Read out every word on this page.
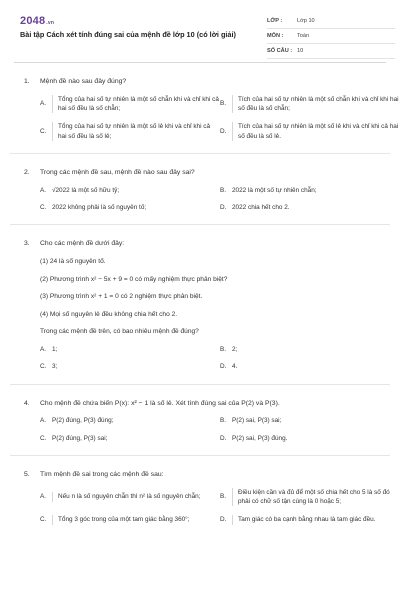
2048.vn
Bài tập Cách xét tính đúng sai của mệnh đề lớp 10 (có lời giải)
LỚP :	Lớp 10
MÔN :	Toán
SỐ CÂU : 10
1.	Mệnh đề nào sau đây đúng?
A.
Tổng của hai số tự nhiên là một số chẵn khi và chỉ khi cả hai số đều là số chẵn;
B.
Tích của hai số tự nhiên là một số chẵn khi và chỉ khi hai số đều là số chẵn;
C.
Tổng của hai số tự nhiên là một số lẻ khi và chỉ khi cả hai số đều là số lẻ;
D.
Tích của hai số tự nhiên là một số lẻ khi và chỉ khi cả hai số đều là số lẻ.
2.	Trong các mệnh đề sau, mệnh đề nào sau đây sai?
A. √2022 là một số hữu tỷ;	B. 2022 là một số tự nhiên chẵn;
C. 2022 không phải là số nguyên tố;	D. 2022 chia hết cho 2.
3.	Cho các mệnh đề dưới đây:
(1) 24 là số nguyên tố.
(2) Phương trình x² − 5x + 9 = 0 có mấy nghiệm thực phân biệt?
(3) Phương trình x² + 1 = 0 có 2 nghiệm thực phân biệt.
(4) Mọi số nguyên lẻ đều không chia hết cho 2.
Trong các mệnh đề trên, có bao nhiêu mệnh đề đúng?
A. 1;	B. 2;
C. 3;	D. 4.
4.	Cho mệnh đề chứa biến P(x): x² − 1 là số lẻ. Xét tính đúng sai của P(2) và P(3).
A. P(2) đúng, P(3) đúng;	B. P(2) sai, P(3) sai;
C. P(2) đúng, P(3) sai;	D. P(2) sai, P(3) đúng.
5.	Tìm mệnh đề sai trong các mệnh đề sau:
A.	Nếu n là số nguyên chẵn thì n² là số nguyên chẵn;	B.
Điều kiện cần và đủ để một số chia hết cho 5 là số đó phải có chữ số tận cùng là 0 hoặc 5;
C.	Tổng 3 góc trong của một tam giác bằng 360°;	D.	Tam giác có ba cạnh bằng nhau là tam giác đều.
